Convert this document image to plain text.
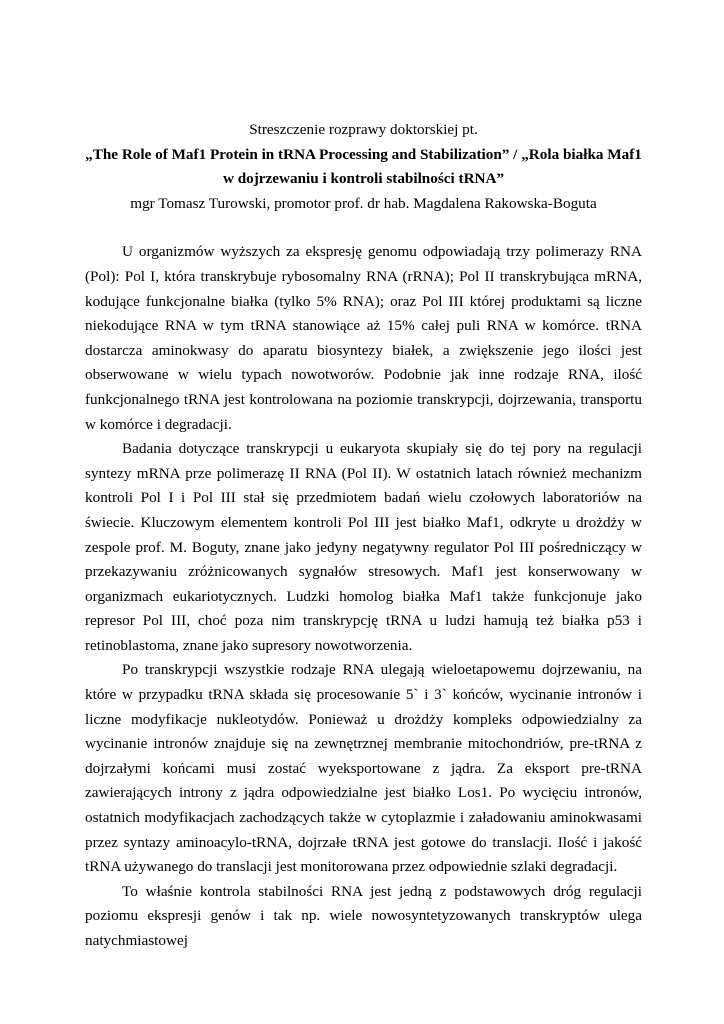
Streszczenie rozprawy doktorskiej pt.
„The Role of Maf1 Protein in tRNA Processing and Stabilization” / „Rola białka Maf1 w dojrzewaniu i kontroli stabilności tRNA”
mgr Tomasz Turowski, promotor prof. dr hab. Magdalena Rakowska-Boguta

U organizmów wyższych za ekspresję genomu odpowiadają trzy polimerazy RNA (Pol): Pol I, która transkrybuje rybosomalny RNA (rRNA); Pol II transkrybująca mRNA, kodujące funkcjonalne białka (tylko 5% RNA); oraz Pol III której produktami są liczne niekodujące RNA w tym tRNA stanowiące aż 15% całej puli RNA w komórce. tRNA dostarcza aminokwasy do aparatu biosyntezy białek, a zwiększenie jego ilości jest obserwowane w wielu typach nowotworów. Podobnie jak inne rodzaje RNA, ilość funkcjonalnego tRNA jest kontrolowana na poziomie transkrypcji, dojrzewania, transportu w komórce i degradacji.

Badania dotyczące transkrypcji u eukaryota skupiały się do tej pory na regulacji syntezy mRNA prze polimerazę II RNA (Pol II). W ostatnich latach również mechanizm kontroli Pol I i Pol III stał się przedmiotem badań wielu czołowych laboratoriów na świecie. Kluczowym elementem kontroli Pol III jest białko Maf1, odkryte u drożdży w zespole prof. M. Boguty, znane jako jedyny negatywny regulator Pol III pośredniczący w przekazywaniu zróżnicowanych sygnałów stresowych. Maf1 jest konserwowany w organizmach eukariotycznych. Ludzki homolog białka Maf1 także funkcjonuje jako represor Pol III, choć poza nim transkrypcję tRNA u ludzi hamują też białka p53 i retinoblastoma, znane jako supresory nowotworzenia.

Po transkrypcji wszystkie rodzaje RNA ulegają wieloetapowemu dojrzewaniu, na które w przypadku tRNA składa się procesowanie 5` i 3` końców, wycinanie intronów i liczne modyfikacje nukleotydów. Ponieważ u drożdży kompleks odpowiedzialny za wycinanie intronów znajduje się na zewnętrznej membranie mitochondriów, pre-tRNA z dojrzałymi końcami musi zostać wyeksportowane z jądra. Za eksport pre-tRNA zawierających introny z jądra odpowiedzialne jest białko Los1. Po wycięciu intronów, ostatnich modyfikacjach zachodzących także w cytoplazmie i załadowaniu aminokwasami przez syntazy aminoacylo-tRNA, dojrzałe tRNA jest gotowe do translacji. Ilość i jakość tRNA używanego do translacji jest monitorowana przez odpowiednie szlaki degradacji.

To właśnie kontrola stabilności RNA jest jedną z podstawowych dróg regulacji poziomu ekspresji genów i tak np. wiele nowosyntetyzowanych transkryptów ulega natychmiastowej
